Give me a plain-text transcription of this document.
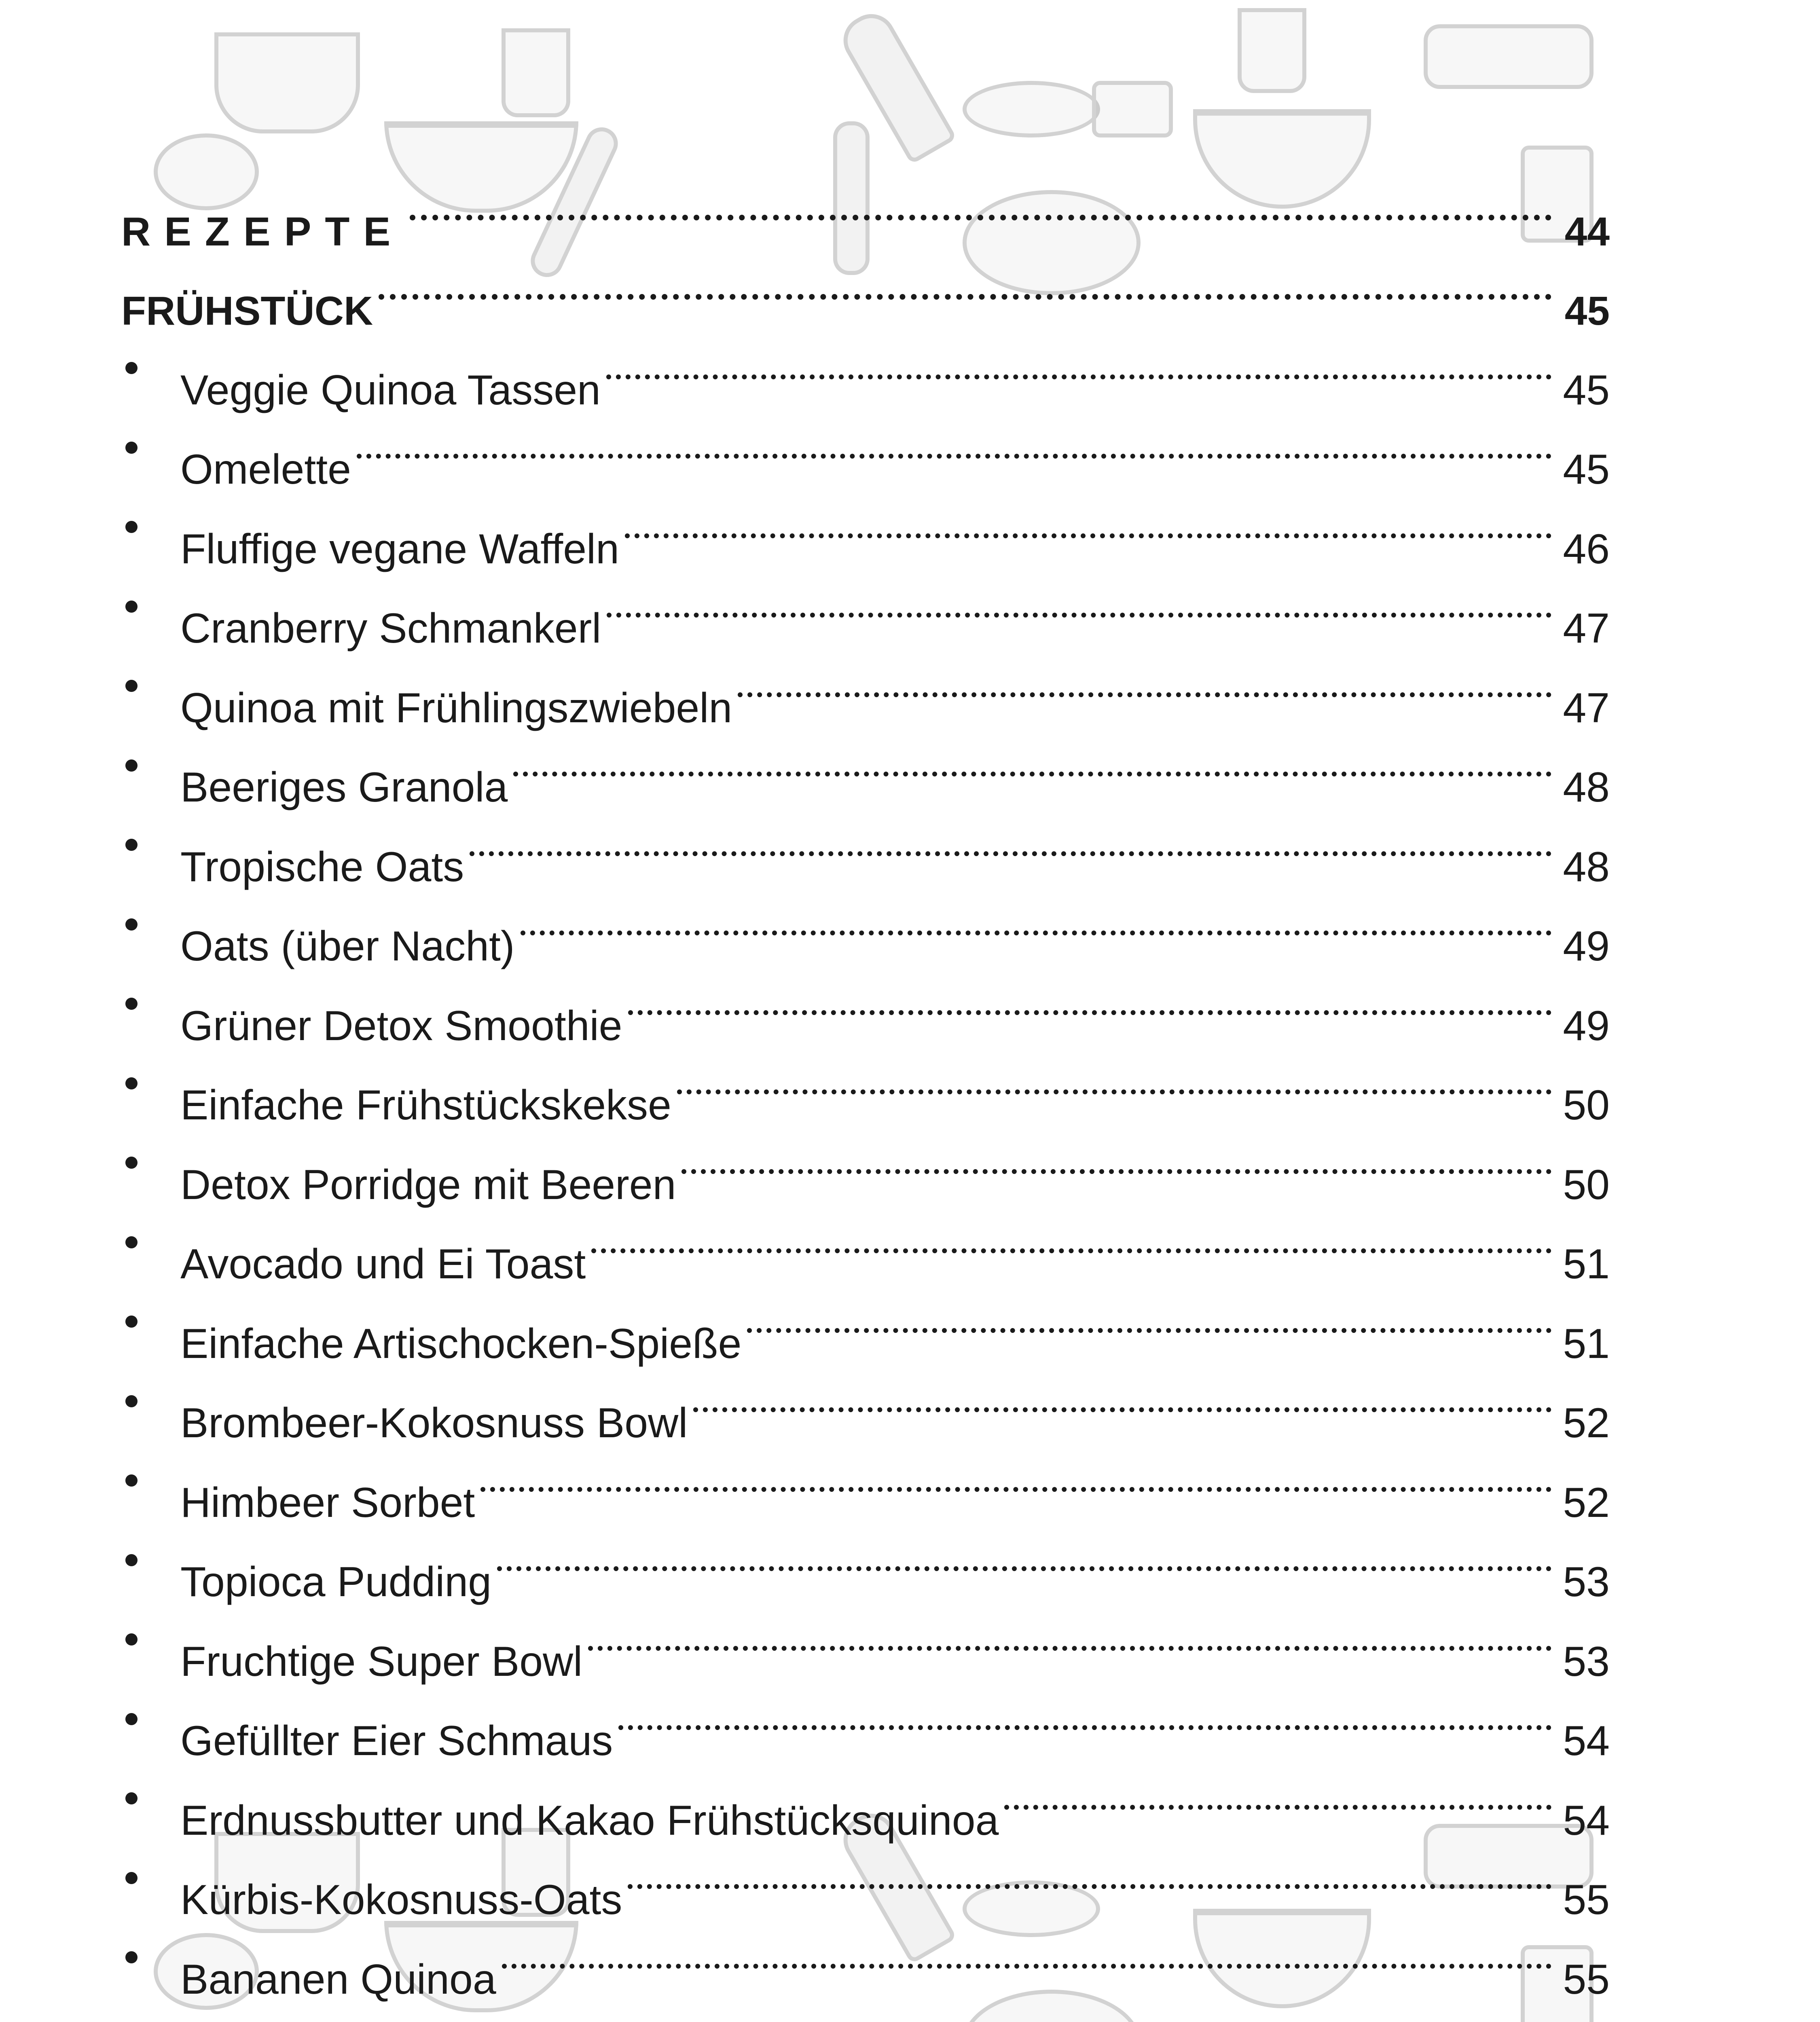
REZEPTE	44
FRÜHSTÜCK	45
Veggie Quinoa Tassen	45
Omelette	45
Fluffige vegane Waffeln	46
Cranberry Schmankerl	47
Quinoa mit Frühlingszwiebeln	47
Beeriges Granola	48
Tropische Oats	48
Oats (über Nacht)	49
Grüner Detox Smoothie	49
Einfache Frühstückskekse	50
Detox Porridge mit Beeren	50
Avocado und Ei Toast	51
Einfache Artischocken-Spieße	51
Brombeer-Kokosnuss Bowl	52
Himbeer Sorbet	52
Topioca Pudding	53
Fruchtige Super Bowl	53
Gefüllter Eier Schmaus	54
Erdnussbutter und Kakao Frühstücksquinoa	54
Kürbis-Kokosnuss-Oats	55
Bananen Quinoa	55
